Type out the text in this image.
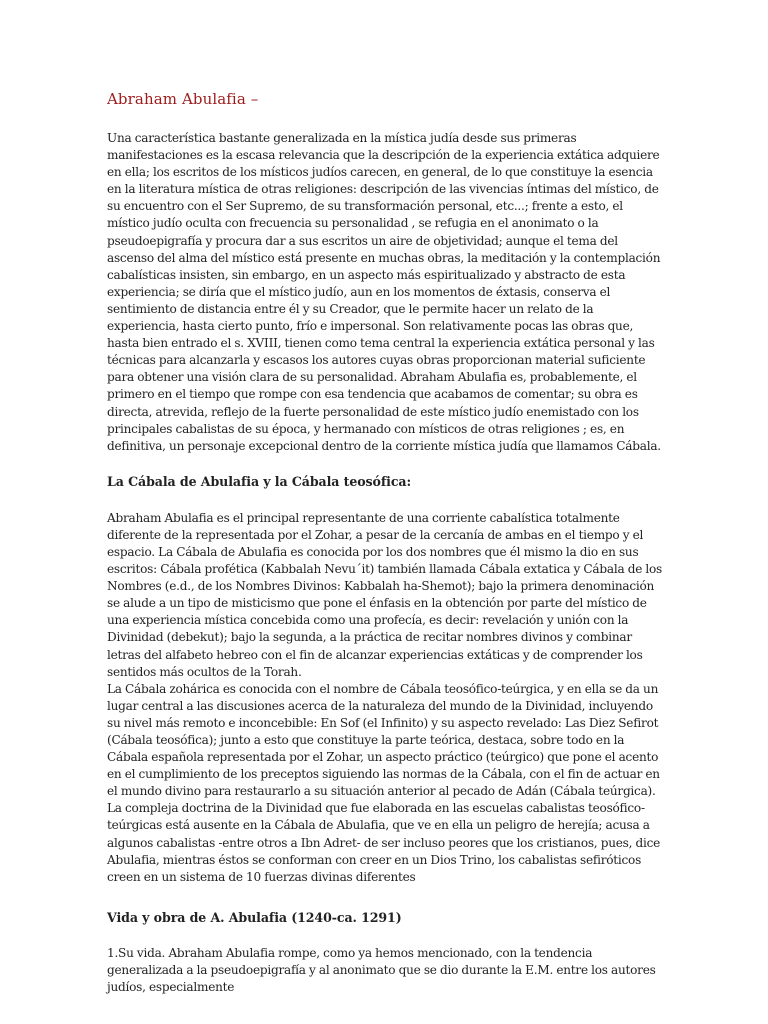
Abraham Abulafia –

Una característica bastante generalizada en la mística judía desde sus primeras manifestaciones es la escasa relevancia que la descripción de la experiencia extática adquiere en ella; los escritos de los místicos judíos carecen, en general, de lo que constituye la esencia en la literatura mística de otras religiones: descripción de las vivencias íntimas del místico, de su encuentro con el Ser Supremo, de su transformación personal, etc...; frente a esto, el místico judío oculta con frecuencia su personalidad , se refugia en el anonimato o la pseudoepigrafía y procura dar a sus escritos un aire de objetividad; aunque el tema del ascenso del alma del místico está presente en muchas obras, la meditación y la contemplación cabalísticas insisten, sin embargo, en un aspecto más espiritualizado y abstracto de esta experiencia; se diría que el místico judío, aun en los momentos de éxtasis, conserva el sentimiento de distancia entre él y su Creador, que le permite hacer un relato de la experiencia, hasta cierto punto, frío e impersonal. Son relativamente pocas las obras que, hasta bien entrado el s. XVIII, tienen como tema central la experiencia extática personal y las técnicas para alcanzarla y escasos los autores cuyas obras proporcionan material suficiente para obtener una visión clara de su personalidad. Abraham Abulafia es, probablemente, el primero en el tiempo que rompe con esa tendencia que acabamos de comentar; su obra es directa, atrevida, reflejo de la fuerte personalidad de este místico judío enemistado con los principales cabalistas de su época, y hermanado con místicos de otras religiones ; es, en definitiva, un personaje excepcional dentro de la corriente mística judía que llamamos Cábala.

La Cábala de Abulafia y la Cábala teosófica:

Abraham Abulafia es el principal representante de una corriente cabalística totalmente diferente de la representada por el Zohar, a pesar de la cercanía de ambas en el tiempo y el espacio. La Cábala de Abulafia es conocida por los dos nombres que él mismo la dio en sus escritos: Cábala profética (Kabbalah Nevu´it) también llamada Cábala extatica y Cábala de los Nombres (e.d., de los Nombres Divinos: Kabbalah ha-Shemot); bajo la primera denominación se alude a un tipo de misticismo que pone el énfasis en la obtención por parte del místico de una experiencia mística concebida como una profecía, es decir: revelación y unión con la Divinidad (debekut); bajo la segunda, a la práctica de recitar nombres divinos y combinar letras del alfabeto hebreo con el fin de alcanzar experiencias extáticas y de comprender los sentidos más ocultos de la Torah.

La Cábala zohárica es conocida con el nombre de Cábala teosófico-teúrgica, y en ella se da un lugar central a las discusiones acerca de la naturaleza del mundo de la Divinidad, incluyendo su nivel más remoto e inconcebible: En Sof (el Infinito) y su aspecto revelado: Las Diez Sefirot (Cábala teosófica); junto a esto que constituye la parte teórica, destaca, sobre todo en la Cábala española representada por el Zohar, un aspecto práctico (teúrgico) que pone el acento en el cumplimiento de los preceptos siguiendo las normas de la Cábala, con el fin de actuar en el mundo divino para restaurarlo a su situación anterior al pecado de Adán (Cábala teúrgica).

La compleja doctrina de la Divinidad que fue elaborada en las escuelas cabalistas teosófico-teúrgicas está ausente en la Cábala de Abulafia, que ve en ella un peligro de herejía; acusa a algunos cabalistas -entre otros a Ibn Adret- de ser incluso peores que los cristianos, pues, dice Abulafia, mientras éstos se conforman con creer en un Dios Trino, los cabalistas sefiróticos creen en un sistema de 10 fuerzas divinas diferentes

Vida y obra de A. Abulafia (1240-ca. 1291)

1.Su vida. Abraham Abulafia rompe, como ya hemos mencionado, con la tendencia generalizada a la pseudoepigrafía y al anonimato que se dio durante la E.M. entre los autores judíos, especialmente
